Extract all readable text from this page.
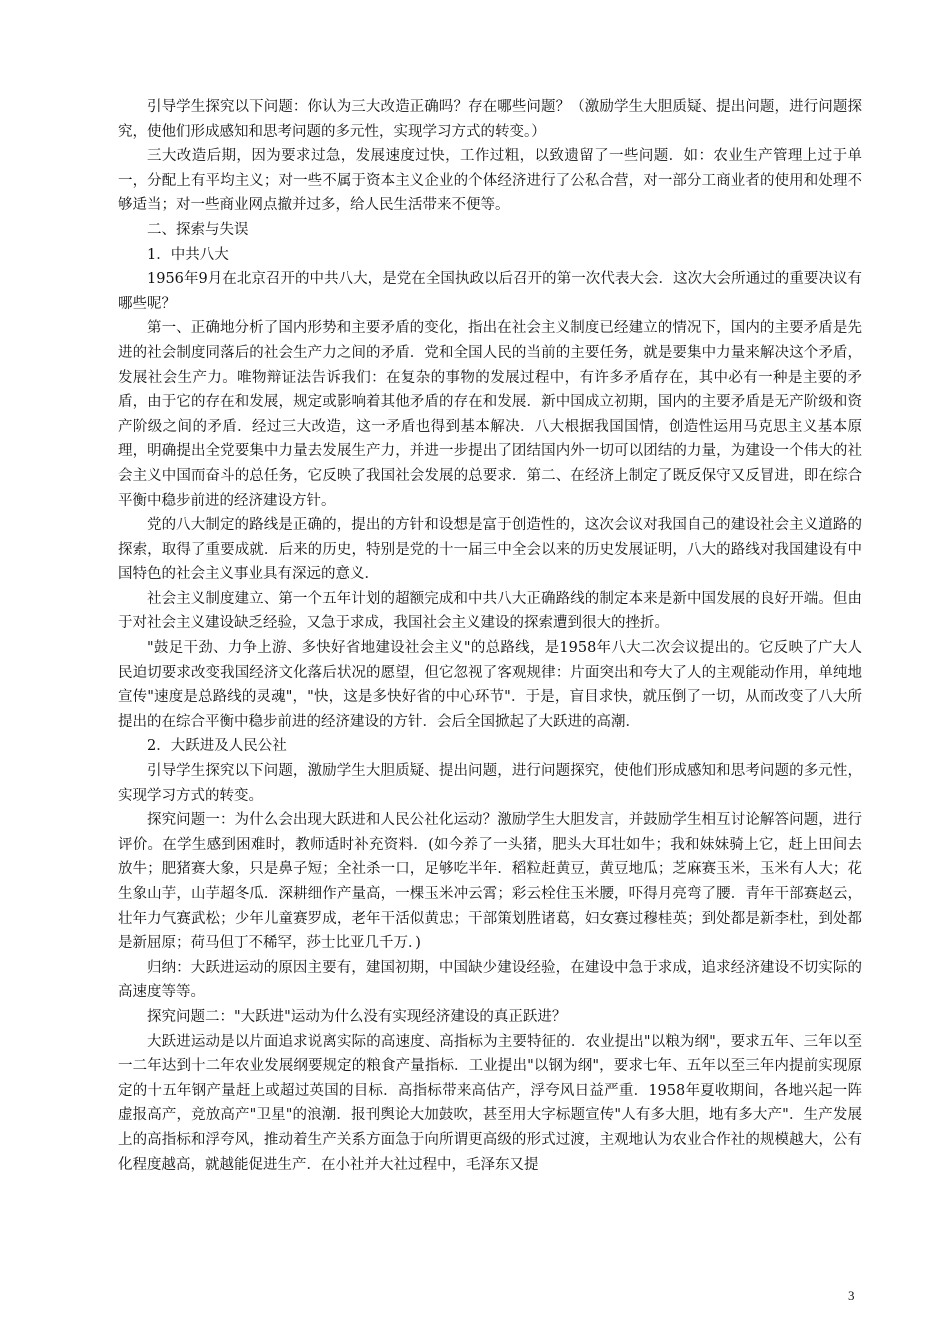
引导学生探究以下问题：你认为三大改造正确吗？存在哪些问题？（激励学生大胆质疑、提出问题，进行问题探究，使他们形成感知和思考问题的多元性，实现学习方式的转变。）

三大改造后期，因为要求过急，发展速度过快，工作过粗，以致遗留了一些问题．如：农业生产管理上过于单一，分配上有平均主义；对一些不属于资本主义企业的个体经济进行了公私合营，对一部分工商业者的使用和处理不够适当；对一些商业网点撤并过多，给人民生活带来不便等。

二、探索与失误

1．中共八大

1956年9月在北京召开的中共八大，是党在全国执政以后召开的第一次代表大会．这次大会所通过的重要决议有哪些呢？

第一、正确地分析了国内形势和主要矛盾的变化，指出在社会主义制度已经建立的情况下，国内的主要矛盾是先进的社会制度同落后的社会生产力之间的矛盾．党和全国人民的当前的主要任务，就是要集中力量来解决这个矛盾，发展社会生产力。唯物辩证法告诉我们：在复杂的事物的发展过程中，有许多矛盾存在，其中必有一种是主要的矛盾，由于它的存在和发展，规定或影响着其他矛盾的存在和发展．新中国成立初期，国内的主要矛盾是无产阶级和资产阶级之间的矛盾．经过三大改造，这一矛盾也得到基本解决．八大根据我国国情，创造性运用马克思主义基本原理，明确提出全党要集中力量去发展生产力，并进一步提出了团结国内外一切可以团结的力量，为建设一个伟大的社会主义中国而奋斗的总任务，它反映了我国社会发展的总要求．第二、在经济上制定了既反保守又反冒进，即在综合平衡中稳步前进的经济建设方针。

党的八大制定的路线是正确的，提出的方针和设想是富于创造性的，这次会议对我国自己的建设社会主义道路的探索，取得了重要成就．后来的历史，特别是党的十一届三中全会以来的历史发展证明，八大的路线对我国建设有中国特色的社会主义事业具有深远的意义．

社会主义制度建立、第一个五年计划的超额完成和中共八大正确路线的制定本来是新中国发展的良好开端。但由于对社会主义建设缺乏经验，又急于求成，我国社会主义建设的探索遭到很大的挫折。

"鼓足干劲、力争上游、多快好省地建设社会主义"的总路线，是1958年八大二次会议提出的。它反映了广大人民迫切要求改变我国经济文化落后状况的愿望，但它忽视了客观规律：片面突出和夸大了人的主观能动作用，单纯地宣传"速度是总路线的灵魂"，"快，这是多快好省的中心环节"．于是，盲目求快，就压倒了一切，从而改变了八大所提出的在综合平衡中稳步前进的经济建设的方针．会后全国掀起了大跃进的高潮．

2．大跃进及人民公社

引导学生探究以下问题，激励学生大胆质疑、提出问题，进行问题探究，使他们形成感知和思考问题的多元性，实现学习方式的转变。

探究问题一：为什么会出现大跃进和人民公社化运动？激励学生大胆发言，并鼓励学生相互讨论解答问题，进行评价。在学生感到困难时，教师适时补充资料．(如今养了一头猪，肥头大耳壮如牛；我和妹妹骑上它，赶上田间去放牛；肥猪赛大象，只是鼻子短；全社杀一口，足够吃半年．稻粒赶黄豆，黄豆地瓜；芝麻赛玉米，玉米有人大；花生象山芋，山芋超冬瓜．深耕细作产量高，一棵玉米冲云霄；彩云栓住玉米腰，吓得月亮弯了腰．青年干部赛赵云，壮年力气赛武松；少年儿童赛罗成，老年干活似黄忠；干部策划胜诸葛，妇女赛过穆桂英；到处都是新李杜，到处都是新屈原；荷马但丁不稀罕，莎士比亚几千万．)

归纳：大跃进运动的原因主要有，建国初期，中国缺少建设经验，在建设中急于求成，追求经济建设不切实际的高速度等等。

探究问题二："大跃进"运动为什么没有实现经济建设的真正跃进？

大跃进运动是以片面追求说离实际的高速度、高指标为主要特征的．农业提出"以粮为纲"，要求五年、三年以至一二年达到十二年农业发展纲要规定的粮食产量指标．工业提出"以钢为纲"，要求七年、五年以至三年内提前实现原定的十五年钢产量赶上或超过英国的目标．高指标带来高估产，浮夸风日益严重．1958年夏收期间，各地兴起一阵虚报高产，竞放高产"卫星"的浪潮．报刊舆论大加鼓吹，甚至用大字标题宣传"人有多大胆，地有多大产"．生产发展上的高指标和浮夸风，推动着生产关系方面急于向所谓更高级的形式过渡，主观地认为农业合作社的规模越大，公有化程度越高，就越能促进生产．在小社并大社过程中，毛泽东又提

3
